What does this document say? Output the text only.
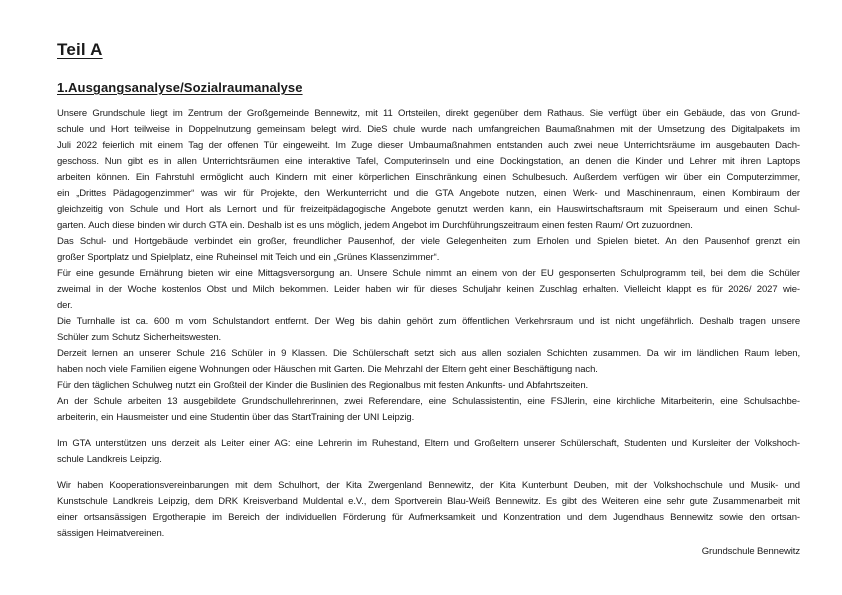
Teil A
1.Ausgangsanalyse/Sozialraumanalyse
Unsere Grundschule liegt im Zentrum der Großgemeinde Bennewitz, mit 11 Ortsteilen, direkt gegenüber dem Rathaus. Sie verfügt über ein Gebäude, das von Grund-
schule und Hort teilweise in Doppelnutzung gemeinsam belegt wird. DieS chule wurde nach umfangreichen Baumaßnahmen mit der Umsetzung des Digitalpakets im
Juli 2022 feierlich mit einem Tag der offenen Tür eingeweiht. Im Zuge dieser Umbaumaßnahmen entstanden auch zwei neue Unterrichtsräume im ausgebauten Dach-
geschoss. Nun gibt es in allen Unterrichtsräumen eine interaktive Tafel, Computerinseln und eine Dockingstation, an denen die Kinder und Lehrer mit ihren Laptops
arbeiten können. Ein Fahrstuhl ermöglicht auch Kindern mit einer körperlichen Einschränkung einen Schulbesuch. Außerdem verfügen wir über ein Computerzimmer,
ein „Drittes Pädagogenzimmer“ was wir für Projekte, den Werkunterricht und die GTA Angebote nutzen, einen Werk- und Maschinenraum, einen Kombiraum der
gleichzeitig von Schule und Hort als Lernort und für freizeitpädagogische Angebote genutzt werden kann, ein Hauswirtschaftsraum mit Speiseraum und einen Schul-
garten. Auch diese binden wir durch GTA ein. Deshalb ist es uns möglich, jedem Angebot im Durchführungszeitraum einen festen Raum/ Ort zuzuordnen.
Das Schul- und Hortgebäude verbindet ein großer, freundlicher Pausenhof, der viele Gelegenheiten zum Erholen und Spielen bietet. An den Pausenhof grenzt ein
großer Sportplatz und Spielplatz, eine Ruheinsel mit Teich und ein „Grünes Klassenzimmer“.
Für eine gesunde Ernährung bieten wir eine Mittagsversorgung an. Unsere Schule nimmt an einem von der EU gesponserten Schulprogramm teil, bei dem die Schüler
zweimal in der Woche kostenlos Obst und Milch bekommen. Leider haben wir für dieses Schuljahr keinen Zuschlag erhalten. Vielleicht klappt es für 2026/ 2027 wie-
der.
Die Turnhalle ist ca. 600 m vom Schulstandort entfernt. Der Weg bis dahin gehört zum öffentlichen Verkehrsraum und ist nicht ungefährlich. Deshalb tragen unsere
Schüler zum Schutz Sicherheitswesten.
Derzeit lernen an unserer Schule 216 Schüler in 9 Klassen. Die Schülerschaft setzt sich aus allen sozialen Schichten zusammen. Da wir im ländlichen Raum leben,
haben noch viele Familien eigene Wohnungen oder Häuschen mit Garten. Die Mehrzahl der Eltern geht einer Beschäftigung nach.
Für den täglichen Schulweg nutzt ein Großteil der Kinder die Buslinien des Regionalbus mit festen Ankunfts- und Abfahrtszeiten.
An der Schule arbeiten 13 ausgebildete Grundschullehrerinnen, zwei Referendare, eine Schulassistentin, eine FSJlerin, eine kirchliche Mitarbeiterin, eine Schulsachbe-
arbeiterin, ein Hausmeister und eine Studentin über das StartTraining der UNI Leipzig.
Im GTA unterstützen uns derzeit als Leiter einer AG: eine Lehrerin im Ruhestand, Eltern und Großeltern unserer Schülerschaft, Studenten und Kursleiter der Volkshoch-
schule Landkreis Leipzig.
Wir haben Kooperationsvereinbarungen mit dem Schulhort, der Kita Zwergenland Bennewitz, der Kita Kunterbunt Deuben, mit der Volkshochschule und Musik- und
Kunstschule Landkreis Leipzig, dem DRK Kreisverband Muldental e.V., dem Sportverein Blau-Weiß Bennewitz. Es gibt des Weiteren eine sehr gute Zusammenarbeit mit
einer ortsansässigen Ergotherapie im Bereich der individuellen Förderung für Aufmerksamkeit und Konzentration und dem Jugendhaus Bennewitz sowie den ortsan-
sässigen Heimatvereinen.
Grundschule Bennewitz
